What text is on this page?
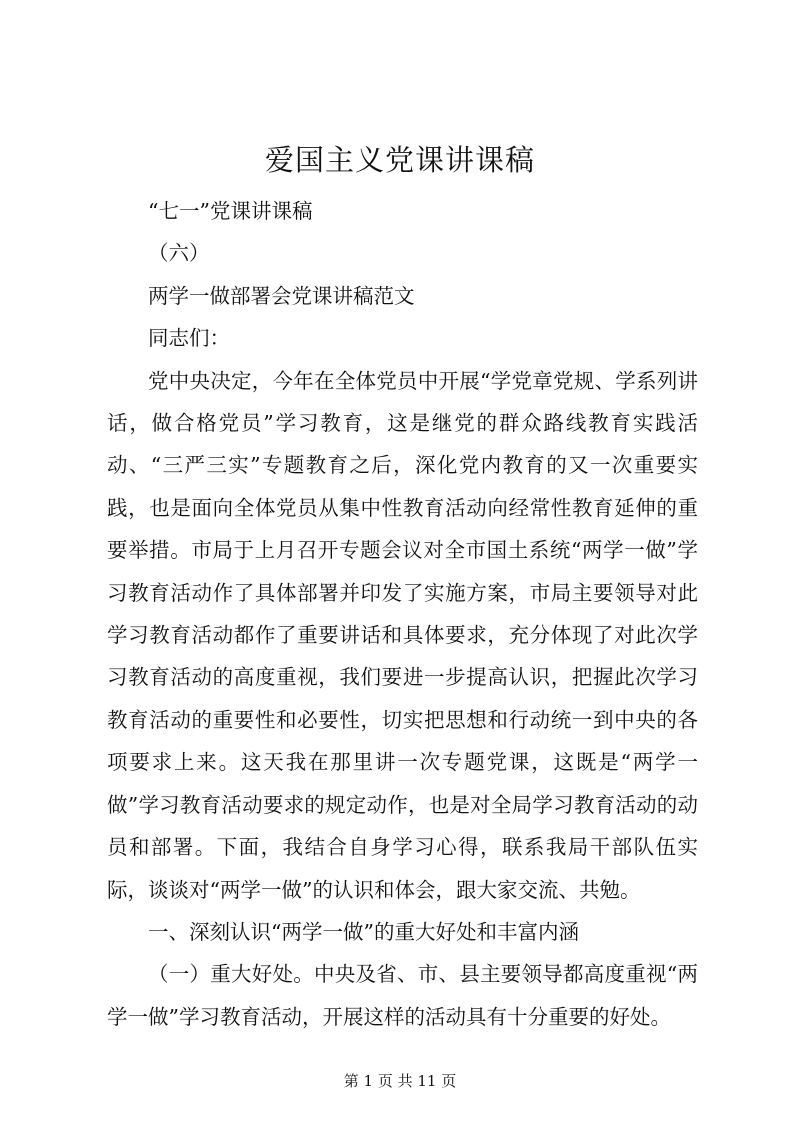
爱国主义党课讲课稿

“七一”党课讲课稿

（六）

两学一做部署会党课讲稿范文

同志们：

党中央决定，今年在全体党员中开展“学党章党规、学系列讲话，做合格党员”学习教育，这是继党的群众路线教育实践活动、“三严三实”专题教育之后，深化党内教育的又一次重要实践，也是面向全体党员从集中性教育活动向经常性教育延伸的重要举措。市局于上月召开专题会议对全市国土系统“两学一做”学习教育活动作了具体部署并印发了实施方案，市局主要领导对此学习教育活动都作了重要讲话和具体要求，充分体现了对此次学习教育活动的高度重视，我们要进一步提高认识，把握此次学习教育活动的重要性和必要性，切实把思想和行动统一到中央的各项要求上来。这天我在那里讲一次专题党课，这既是“两学一做”学习教育活动要求的规定动作，也是对全局学习教育活动的动员和部署。下面，我结合自身学习心得，联系我局干部队伍实际，谈谈对“两学一做”的认识和体会，跟大家交流、共勉。

一、深刻认识“两学一做”的重大好处和丰富内涵

（一）重大好处。中央及省、市、县主要领导都高度重视“两学一做”学习教育活动，开展这样的活动具有十分重要的好处。

第 1 页 共 11 页
